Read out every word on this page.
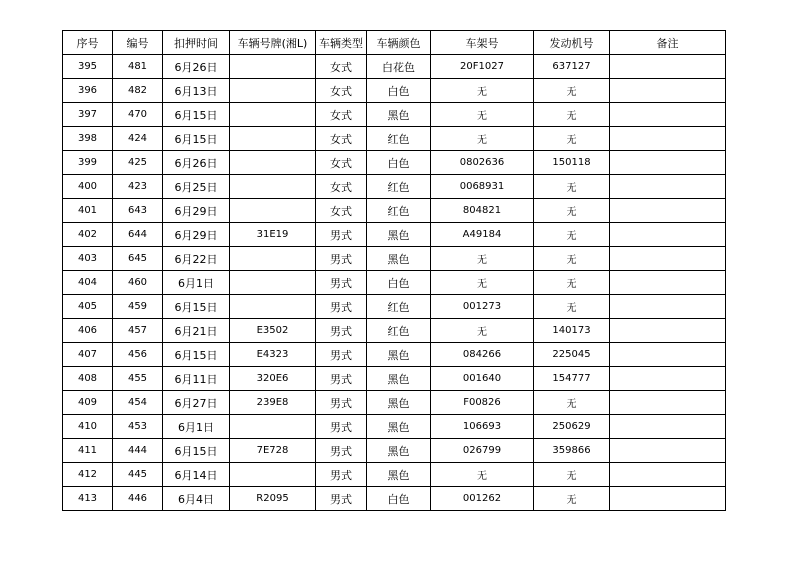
序号	编号	扣押时间	车辆号牌(湘L)	车辆类型	车辆颜色	车架号	发动机号	备注
395	481	6月26日		女式	白花色	20F1027	637127	
396	482	6月13日		女式	白色	无	无	
397	470	6月15日		女式	黑色	无	无	
398	424	6月15日		女式	红色	无	无	
399	425	6月26日		女式	白色	0802636	150118	
400	423	6月25日		女式	红色	0068931	无	
401	643	6月29日		女式	红色	804821	无	
402	644	6月29日	31E19	男式	黑色	A49184	无	
403	645	6月22日		男式	黑色	无	无	
404	460	6月1日		男式	白色	无	无	
405	459	6月15日		男式	红色	001273	无	
406	457	6月21日	E3502	男式	红色	无	140173	
407	456	6月15日	E4323	男式	黑色	084266	225045	
408	455	6月11日	320E6	男式	黑色	001640	154777	
409	454	6月27日	239E8	男式	黑色	F00826	无	
410	453	6月1日		男式	黑色	106693	250629	
411	444	6月15日	7E728	男式	黑色	026799	359866	
412	445	6月14日		男式	黑色	无	无	
413	446	6月4日	R2095	男式	白色	001262	无	
